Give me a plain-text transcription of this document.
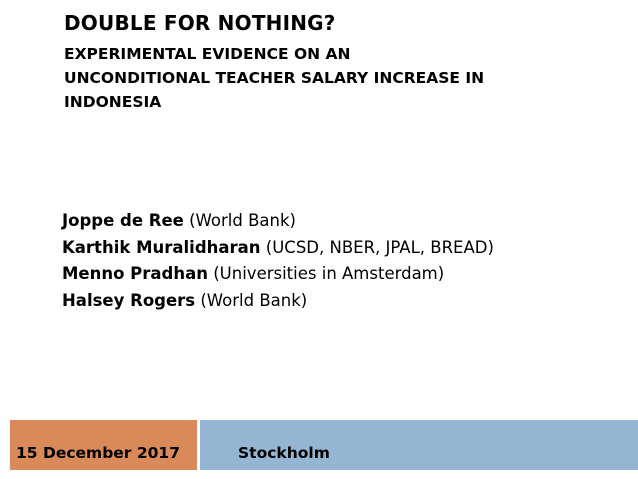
DOUBLE FOR NOTHING?
EXPERIMENTAL EVIDENCE ON AN
UNCONDITIONAL TEACHER SALARY INCREASE IN
INDONESIA
Joppe de Ree (World Bank)
Karthik Muralidharan (UCSD, NBER, JPAL, BREAD)
Menno Pradhan (Universities in Amsterdam)
Halsey Rogers (World Bank)
15 December 2017	Stockholm
